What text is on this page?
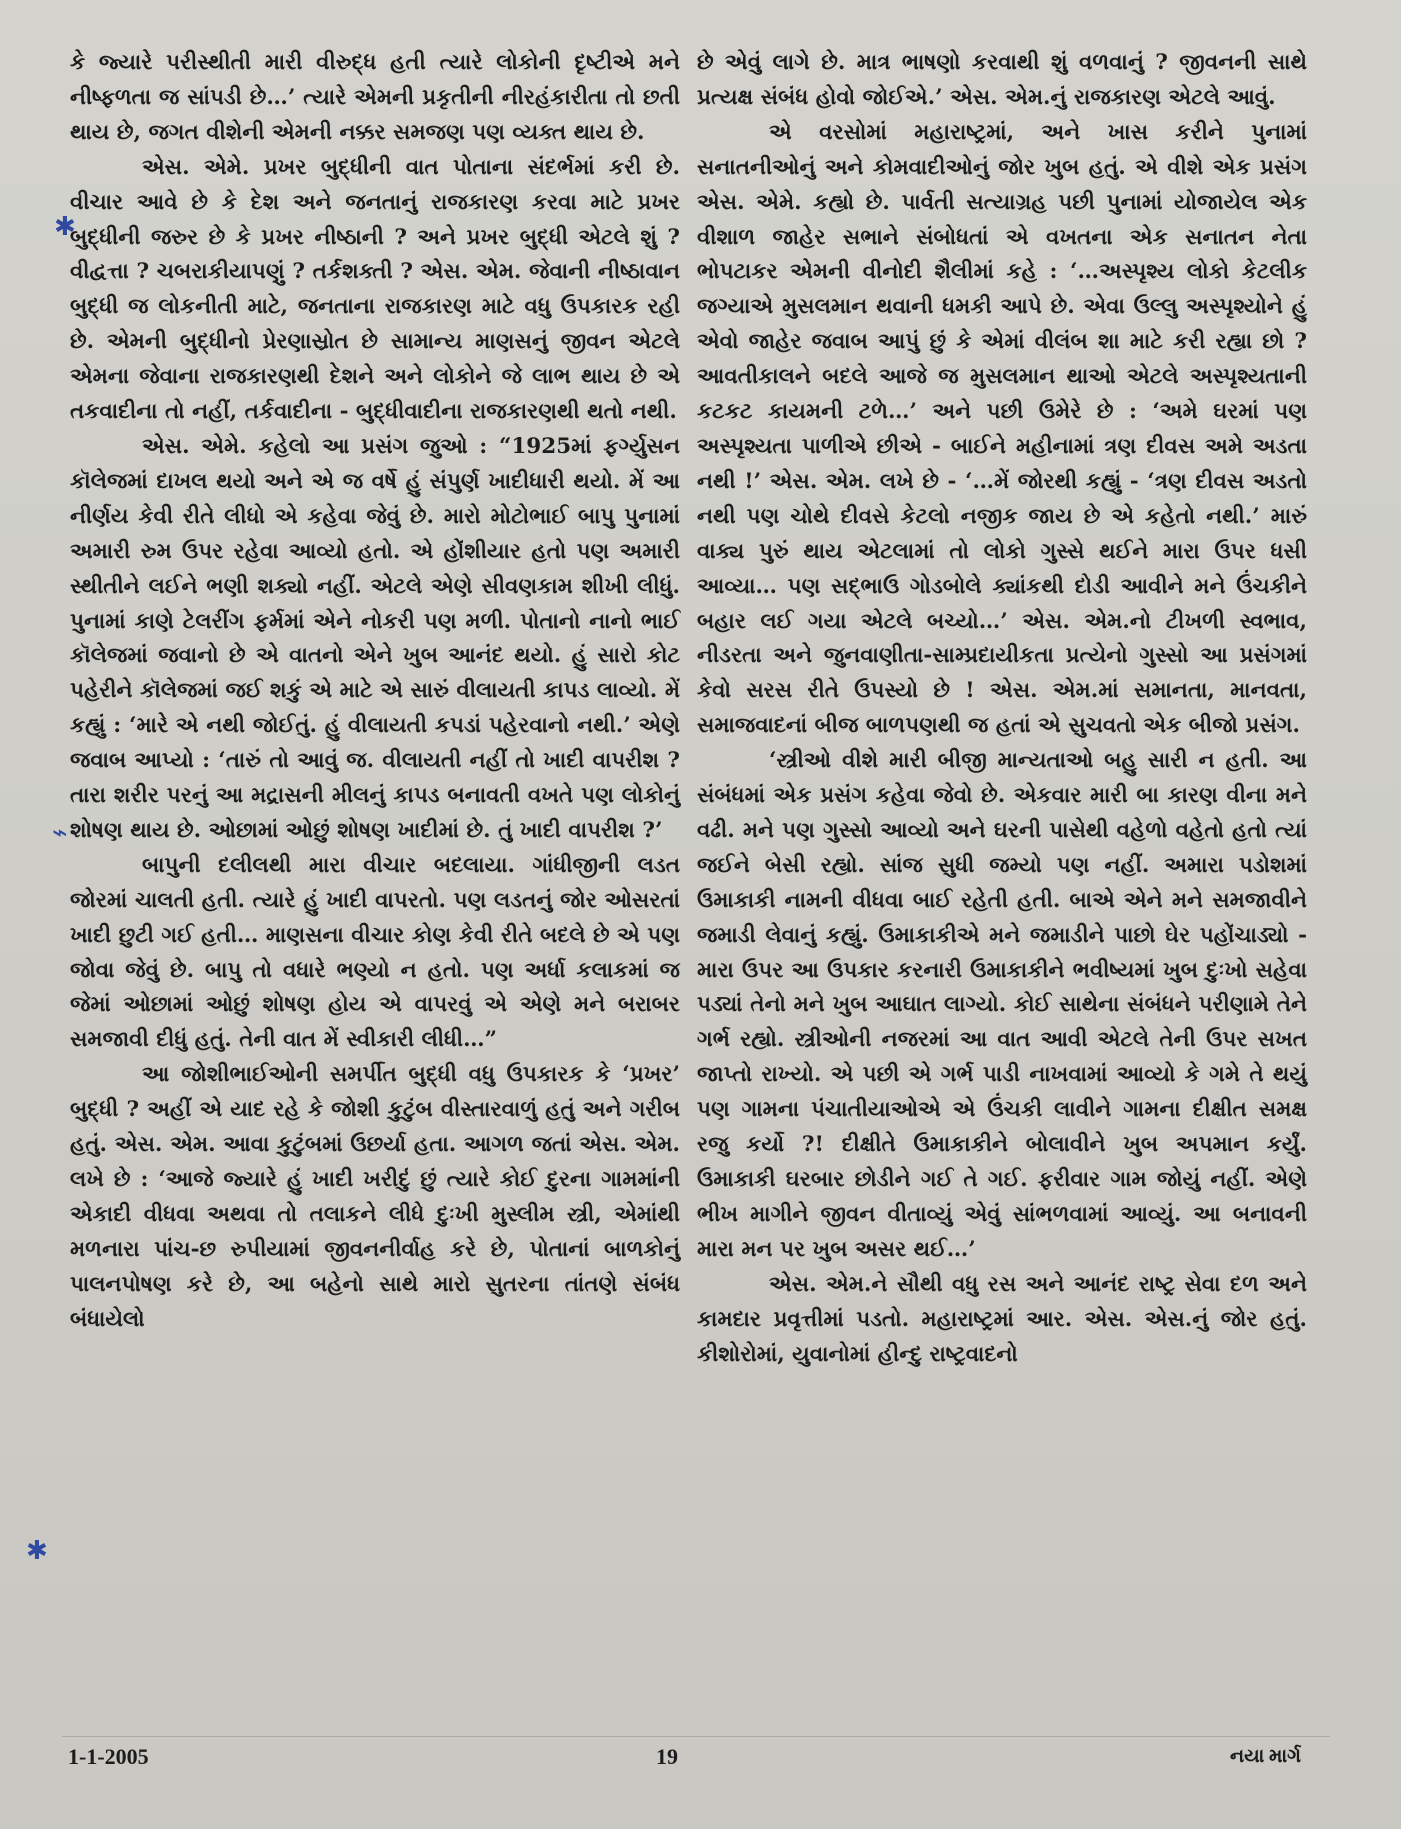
✱
⌁
✱

કે જ્યારે પરીસ્થીતી મારી વીરુદ્ધ હતી ત્યારે લોકોની દૃષ્ટીએ મને નીષ્ફળતા જ સાંપડી છે…’ ત્યારે એમની પ્રકૃતીની નીરહંકારીતા તો છતી થાય છે, જગત વીશેની એમની નક્કર સમજણ પણ વ્યક્ત થાય છે.

એસ. એમે. પ્રખર બુદ્ધીની વાત પોતાના સંદર્ભમાં કરી છે. વીચાર આવે છે કે દેશ અને જનતાનું રાજકારણ કરવા માટે પ્રખર બુદ્ધીની જરુર છે કે પ્રખર નીષ્ઠાની ? અને પ્રખર બુદ્ધી એટલે શું ? વીદ્વત્તા ? ચબરાકીયાપણું ? તર્કશક્તી ? એસ. એમ. જેવાની નીષ્ઠાવાન બુદ્ધી જ લોકનીતી માટે, જનતાના રાજકારણ માટે વધુ ઉપકારક રહી છે. એમની બુદ્ધીનો પ્રેરણાસ્રોત છે સામાન્ય માણસનું જીવન એટલે એમના જેવાના રાજકારણથી દેશને અને લોકોને જે લાભ થાય છે એ તકવાદીના તો નહીં, તર્કવાદીના - બુદ્ધીવાદીના રાજકારણથી થતો નથી.

એસ. એમે. કહેલો આ પ્રસંગ જુઓ : “1925માં ફર્ગ્યુસન કૉલેજમાં દાખલ થયો અને એ જ વર્ષે હું સંપુર્ણ ખાદીધારી થયો. મેં આ નીર્ણય કેવી રીતે લીધો એ કહેવા જેવું છે. મારો મોટોભાઈ બાપુ પુનામાં અમારી રુમ ઉપર રહેવા આવ્યો હતો. એ હોંશીયાર હતો પણ અમારી સ્થીતીને લઈને ભણી શક્યો નહીં. એટલે એણે સીવણકામ શીખી લીધું. પુનામાં કાણે ટેલરીંગ ફર્મમાં એને નોકરી પણ મળી. પોતાનો નાનો ભાઈ કૉલેજમાં જવાનો છે એ વાતનો એને ખુબ આનંદ થયો. હું સારો કોટ પહેરીને કૉલેજમાં જઈ શકું એ માટે એ સારું વીલાયતી કાપડ લાવ્યો. મેં કહ્યું : ‘મારે એ નથી જોઈતું. હું વીલાયતી કપડાં પહેરવાનો નથી.’ એણે જવાબ આપ્યો : ‘તારું તો આવું જ. વીલાયતી નહીં તો ખાદી વાપરીશ ? તારા શરીર પરનું આ મદ્રાસની મીલનું કાપડ બનાવતી વખતે પણ લોકોનું શોષણ થાય છે. ઓછામાં ઓછું શોષણ ખાદીમાં છે. તું ખાદી વાપરીશ ?’

બાપુની દલીલથી મારા વીચાર બદલાયા. ગાંધીજીની લડત જોરમાં ચાલતી હતી. ત્યારે હું ખાદી વાપરતો. પણ લડતનું જોર ઓસરતાં ખાદી છુટી ગઈ હતી… માણસના વીચાર કોણ કેવી રીતે બદલે છે એ પણ જોવા જેવું છે. બાપુ તો વધારે ભણ્યો ન હતો. પણ અર્ધા કલાકમાં જ જેમાં ઓછામાં ઓછું શોષણ હોય એ વાપરવું એ એણે મને બરાબર સમજાવી દીધું હતું. તેની વાત મેં સ્વીકારી લીધી…”

આ જોશીભાઈઓની સમર્પીત બુદ્ધી વધુ ઉપકારક કે ‘પ્રખર’ બુદ્ધી ? અહીં એ યાદ રહે કે જોશી કુટુંબ વીસ્તારવાળું હતું અને ગરીબ હતું. એસ. એમ. આવા કુટુંબમાં ઉછર્યા હતા. આગળ જતાં એસ. એમ. લખે છે : ‘આજે જ્યારે હું ખાદી ખરીદું છું ત્યારે કોઈ દુરના ગામમાંની એકાદી વીધવા અથવા તો તલાકને લીધે દુઃખી મુસ્લીમ સ્ત્રી, એમાંથી મળનારા પાંચ-છ રુપીયામાં જીવનનીર્વાહ કરે છે, પોતાનાં બાળકોનું પાલનપોષણ કરે છે, આ બહેનો સાથે મારો સુતરના તાંતણે સંબંધ બંધાયેલો

છે એવું લાગે છે. માત્ર ભાષણો કરવાથી શું વળવાનું ? જીવનની સાથે પ્રત્યક્ષ સંબંધ હોવો જોઈએ.’ એસ. એમ.નું રાજકારણ એટલે આવું.

એ વરસોમાં મહારાષ્ટ્રમાં, અને ખાસ કરીને પુનામાં સનાતનીઓનું અને કોમવાદીઓનું જોર ખુબ હતું. એ વીશે એક પ્રસંગ એસ. એમે. કહ્યો છે. પાર્વતી સત્યાગ્રહ પછી પુનામાં યોજાયેલ એક વીશાળ જાહેર સભાને સંબોધતાં એ વખતના એક સનાતન નેતા ભોપટાકર એમની વીનોદી શૈલીમાં કહે : ‘…અસ્પૃશ્ય લોકો કેટલીક જગ્યાએ મુસલમાન થવાની ધમકી આપે છે. એવા ઉલ્લુ અસ્પૃશ્યોને હું એવો જાહેર જવાબ આપું છું કે એમાં વીલંબ શા માટે કરી રહ્યા છો ? આવતીકાલને બદલે આજે જ મુસલમાન થાઓ એટલે અસ્પૃશ્યતાની કટકટ કાયમની ટળે…’ અને પછી ઉમેરે છે : ‘અમે ઘરમાં પણ અસ્પૃશ્યતા પાળીએ છીએ - બાઈને મહીનામાં ત્રણ દીવસ અમે અડતા નથી !’ એસ. એમ. લખે છે - ‘…મેં જોરથી કહ્યું - ‘ત્રણ દીવસ અડતો નથી પણ ચોથે દીવસે કેટલો નજીક જાય છે એ કહેતો નથી.’ મારું વાક્ય પુરું થાય એટલામાં તો લોકો ગુસ્સે થઈને મારા ઉપર ધસી આવ્યા… પણ સદ્ભાઉ ગોડબોલે ક્યાંકથી દોડી આવીને મને ઉંચકીને બહાર લઈ ગયા એટલે બચ્યો…’ એસ. એમ.નો ટીખળી સ્વભાવ, નીડરતા અને જુનવાણીતા-સામ્પ્રદાયીકતા પ્રત્યેનો ગુસ્સો આ પ્રસંગમાં કેવો સરસ રીતે ઉપસ્યો છે ! એસ. એમ.માં સમાનતા, માનવતા, સમાજવાદનાં બીજ બાળપણથી જ હતાં એ સુચવતો એક બીજો પ્રસંગ.

‘સ્ત્રીઓ વીશે મારી બીજી માન્યતાઓ બહુ સારી ન હતી. આ સંબંધમાં એક પ્રસંગ કહેવા જેવો છે. એકવાર મારી બા કારણ વીના મને વઢી. મને પણ ગુસ્સો આવ્યો અને ઘરની પાસેથી વહેળો વહેતો હતો ત્યાં જઈને બેસી રહ્યો. સાંજ સુધી જમ્યો પણ નહીં. અમારા પડોશમાં ઉમાકાકી નામની વીધવા બાઈ રહેતી હતી. બાએ એને મને સમજાવીને જમાડી લેવાનું કહ્યું. ઉમાકાકીએ મને જમાડીને પાછો ઘેર પહોંચાડ્યો - મારા ઉપર આ ઉપકાર કરનારી ઉમાકાકીને ભવીષ્યમાં ખુબ દુઃખો સહેવા પડ્યાં તેનો મને ખુબ આઘાત લાગ્યો. કોઈ સાથેના સંબંધને પરીણામે તેને ગર્ભ રહ્યો. સ્ત્રીઓની નજરમાં આ વાત આવી એટલે તેની ઉપર સખત જાપ્તો રાખ્યો. એ પછી એ ગર્ભ પાડી નાખવામાં આવ્યો કે ગમે તે થયું પણ ગામના પંચાતીયાઓએ એ ઉંચકી લાવીને ગામના દીક્ષીત સમક્ષ રજુ કર્યો ?! દીક્ષીતે ઉમાકાકીને બોલાવીને ખુબ અપમાન કર્યું. ઉમાકાકી ઘરબાર છોડીને ગઈ તે ગઈ. ફરીવાર ગામ જોયું નહીં. એણે ભીખ માગીને જીવન વીતાવ્યું એવું સાંભળવામાં આવ્યું. આ બનાવની મારા મન પર ખુબ અસર થઈ…’

એસ. એમ.ને સૌથી વધુ રસ અને આનંદ રાષ્ટ્ર સેવા દળ અને કામદાર પ્રવૃત્તીમાં પડતો. મહારાષ્ટ્રમાં આર. એસ. એસ.નું જોર હતું. કીશોરોમાં, યુવાનોમાં હીન્દુ રાષ્ટ્રવાદનો

1-1-2005	19	નયા માર્ગ
